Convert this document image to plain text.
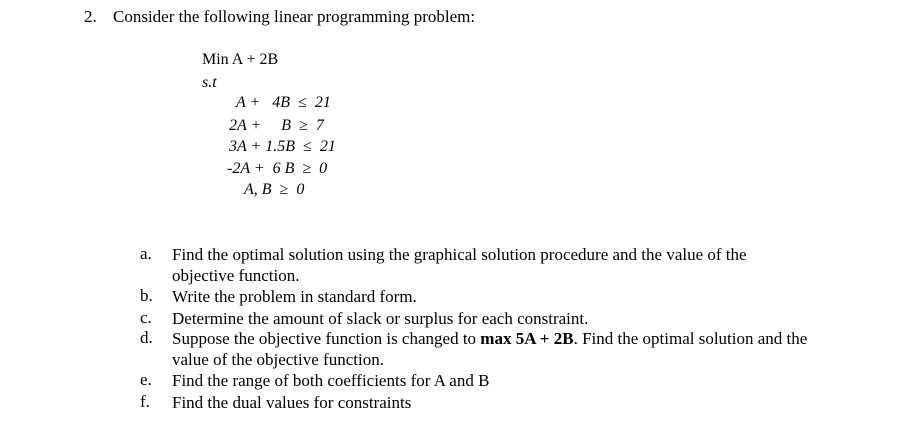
2. Consider the following linear programming problem:
Min A + 2B
s.t
A +   4B  ≤  21
2A +     B  ≥  7
3A + 1.5B  ≤  21
-2A +  6 B  ≥  0
A, B  ≥  0
a. Find the optimal solution using the graphical solution procedure and the value of the
objective function.
b. Write the problem in standard form.
c. Determine the amount of slack or surplus for each constraint.
d. Suppose the objective function is changed to max 5A + 2B. Find the optimal solution and the
value of the objective function.
e. Find the range of both coefficients for A and B
f. Find the dual values for constraints
